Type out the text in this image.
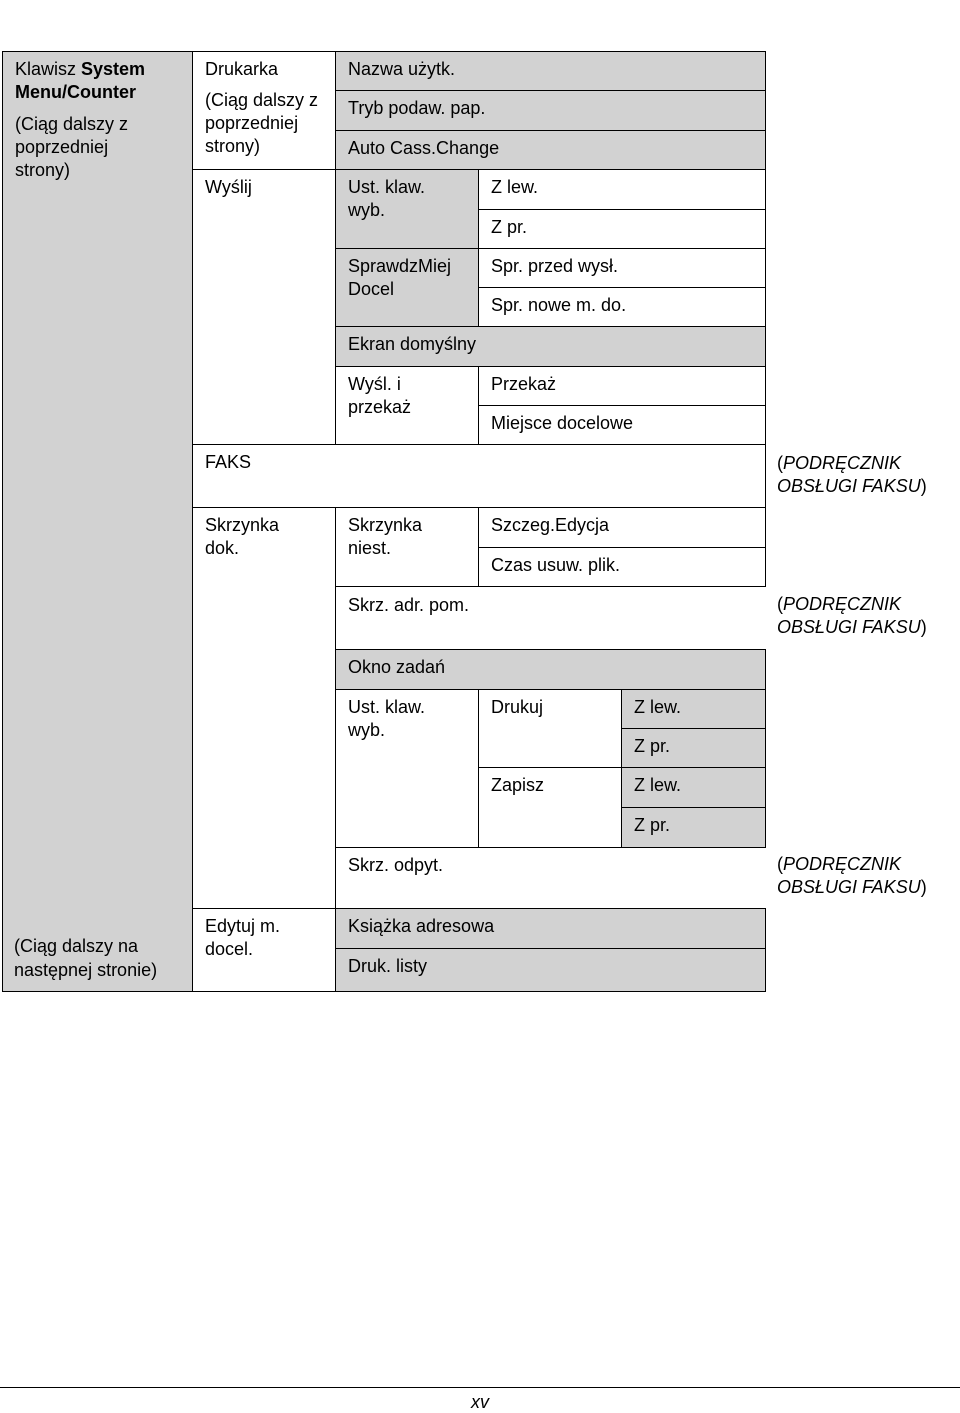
Klawisz System Menu/Counter
(Ciąg dalszy z poprzedniej strony)
(Ciąg dalszy na następnej stronie)
Drukarka
(Ciąg dalszy z poprzedniej strony)
Wyślij
FAKS
Skrzynka dok.
Edytuj m. docel.
Nazwa użytk.
Tryb podaw. pap.
Auto Cass.Change
Ust. klaw. wyb.
Z lew.
Z pr.
SprawdzMiej Docel
Spr. przed wysł.
Spr. nowe m. do.
Ekran domyślny
Wyśl. i przekaż
Przekaż
Miejsce docelowe
Skrzynka niest.
Szczeg.Edycja
Czas usuw. plik.
Skrz. adr. pom.
Okno zadań
Ust. klaw. wyb.
Drukuj	Z lew.
Z pr.
Zapisz	Z lew.
Z pr.
Skrz. odpyt.
Książka adresowa
Druk. listy
(PODRĘCZNIK
OBSŁUGI FAKSU)
(PODRĘCZNIK
OBSŁUGI FAKSU)
(PODRĘCZNIK
OBSŁUGI FAKSU)
xv
